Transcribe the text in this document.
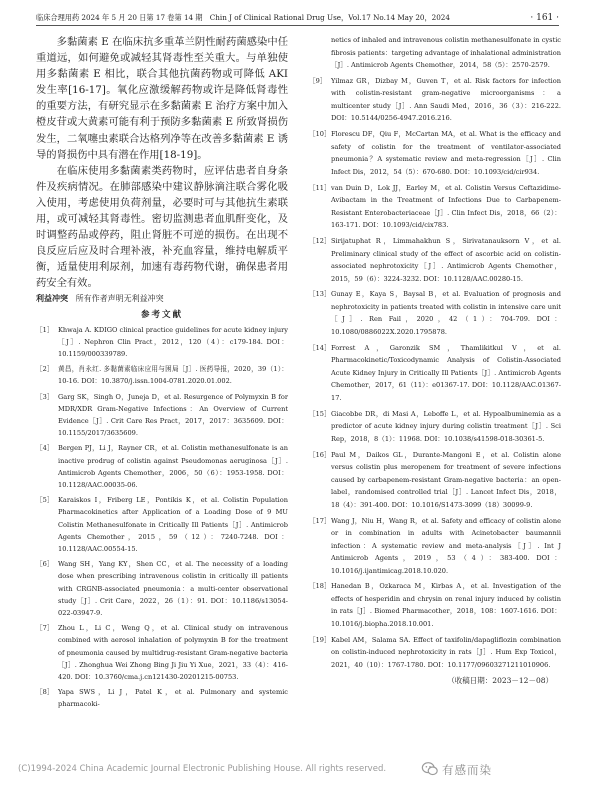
临床合理用药 2024 年 5 月 20 日第 17 卷第 14 期　Chin J of Clinical Rational Drug Use，Vol.17 No.14 May 20，2024	· 161 ·

多黏菌素 E 在临床抗多重革兰阴性耐药菌感染中任重道远，如何避免或减轻其肾毒性至关重大。与单独使用多黏菌素 E 相比，联合其他抗菌药物或可降低 AKI 发生率[16-17]。氧化应激缓解药物或许是降低肾毒性的重要方法，有研究显示在多黏菌素 E 治疗方案中加入橙皮苷或大黄素可能有利于预防多黏菌素 E 所致肾损伤发生，二氧噻虫素联合达格列净等在改善多黏菌素 E 诱导的肾损伤中具有潜在作用[18-19]。

在临床使用多黏菌素类药物时，应评估患者自身条件及疾病情况。在肺部感染中建议静脉滴注联合雾化吸入使用，考虑使用负荷剂量，必要时可与其他抗生素联用，或可减轻其肾毒性。密切监测患者血肌酐变化，及时调整药品或停药，阻止肾脏不可逆的损伤。在出现不良反应后应及时合理补液，补充血容量，维持电解质平衡，适量使用利尿剂，加速有毒药物代谢，确保患者用药安全有效。

利益冲突 所有作者声明无利益冲突

参考文献
［1］ Khwaja A. KDIGO clinical practice guidelines for acute kidney injury［J］. Nephron Clin Pract，2012，120（4）：c179-184. DOI：10.1159/000339789.
［2］ 黄昌，肖永红. 多黏菌素临床应用与困局［J］. 医药导报，2020，39（1）：10-16. DOI：10.3870/j.issn.1004-0781.2020.01.002.
［3］ Garg SK，Singh O，Juneja D，et al. Resurgence of Polymyxin B for MDR/XDR Gram-Negative Infections：An Overview of Current Evidence［J］. Crit Care Res Pract，2017，2017：3635609. DOI：10.1155/2017/3635609.
［4］ Bergen PJ，Li J，Rayner CR，et al. Colistin methanesulfonate is an inactive prodrug of colistin against Pseudomonas aeruginosa［J］. Antimicrob Agents Chemother，2006，50（6）：1953-1958. DOI：10.1128/AAC.00035-06.
［5］ Karaiskos I，Friberg LE，Pontikis K，et al. Colistin Population Pharmacokinetics after Application of a Loading Dose of 9 MU Colistin Methanesulfonate in Critically Ill Patients［J］. Antimicrob Agents Chemother，2015，59（12）：7240-7248. DOI：10.1128/AAC.00554-15.
［6］ Wang SH，Yang KY，Shen CC，et al. The necessity of a loading dose when prescribing intravenous colistin in critically ill patients with CRGNB-associated pneumonia：a multi-center observational study［J］. Crit Care，2022，26（1）：91. DOI：10.1186/s13054-022-03947-9.
［7］ Zhou L，Li C，Weng Q，et al. Clinical study on intravenous combined with aerosol inhalation of polymyxin B for the treatment of pneumonia caused by multidrug-resistant Gram-negative bacteria［J］. Zhonghua Wei Zhong Bing Ji Jiu Yi Xue，2021，33（4）：416-420. DOI：10.3760/cma.j.cn121430-20201215-00753.
［8］ Yapa SWS，Li J，Patel K，et al. Pulmonary and systemic pharmacoki-
netics of inhaled and intravenous colistin methanesulfonate in cystic fibrosis patients：targeting advantage of inhalational administration［J］. Antimicrob Agents Chemother，2014，58（5）：2570-2579.
［9］ Yilmaz GR，Dizbay M，Guven T，et al. Risk factors for infection with colistin-resistant gram-negative microorganisms：a multicenter study［J］. Ann Saudi Med，2016，36（3）：216-222. DOI：10.5144/0256-4947.2016.216.
［10］ Florescu DF，Qiu F，McCartan MA，et al. What is the efficacy and safety of colistin for the treatment of ventilator-associated pneumonia？A systematic review and meta-regression［J］. Clin Infect Dis，2012，54（5）：670-680. DOI：10.1093/cid/cir934.
［11］ van Duin D，Lok JJ，Earley M，et al. Colistin Versus Ceftazidime-Avibactam in the Treatment of Infections Due to Carbapenem-Resistant Enterobacteriaceae［J］. Clin Infect Dis，2018，66（2）：163-171. DOI：10.1093/cid/cix783.
［12］ Sirijatuphat R，Limmahakhun S，Sirivatanauksorn V，et al. Preliminary clinical study of the effect of ascorbic acid on colistin-associated nephrotoxicity［J］. Antimicrob Agents Chemother，2015，59（6）：3224-3232. DOI：10.1128/AAC.00280-15.
［13］ Gunay E，Kaya S，Baysal B，et al. Evaluation of prognosis and nephrotoxicity in patients treated with colistin in intensive care unit［J］. Ren Fail，2020，42（1）：704-709. DOI：10.1080/0886022X.2020.1795878.
［14］ Forrest A，Garonzik SM，Thamlikitkul V，et al. Pharmacokinetic/Toxicodynamic Analysis of Colistin-Associated Acute Kidney Injury in Critically Ill Patients［J］. Antimicrob Agents Chemother，2017，61（11）：e01367-17. DOI：10.1128/AAC.01367-17.
［15］ Giacobbe DR，di Masi A，Leboffe L，et al. Hypoalbuminemia as a predictor of acute kidney injury during colistin treatment［J］. Sci Rep，2018，8（1）：11968. DOI：10.1038/s41598-018-30361-5.
［16］ Paul M，Daikos GL，Durante-Mangoni E，et al. Colistin alone versus colistin plus meropenem for treatment of severe infections caused by carbapenem-resistant Gram-negative bacteria：an open-label，randomised controlled trial［J］. Lancet Infect Dis，2018，18（4）：391-400. DOI：10.1016/S1473-3099（18）30099-9.
［17］ Wang J，Niu H，Wang R，et al. Safety and efficacy of colistin alone or in combination in adults with Acinetobacter baumannii infection：A systematic review and meta-analysis［J］. Int J Antimicrob Agents，2019，53（4）：383-400. DOI：10.1016/j.ijantimicag.2018.10.020.
［18］ Hanedan B，Ozkaraca M，Kirbas A，et al. Investigation of the effects of hesperidin and chrysin on renal injury induced by colistin in rats［J］. Biomed Pharmacother，2018，108：1607-1616. DOI：10.1016/j.biopha.2018.10.001.
［19］ Kabel AM，Salama SA. Effect of taxifolin/dapagliflozin combination on colistin-induced nephrotoxicity in rats［J］. Hum Exp Toxicol，2021，40（10）：1767-1780. DOI：10.1177/09603271211010906.
（收稿日期：2023－12－08）
(C)1994-2024 China Academic Journal Electronic Publishing House. All rights reserved.	有感而染
